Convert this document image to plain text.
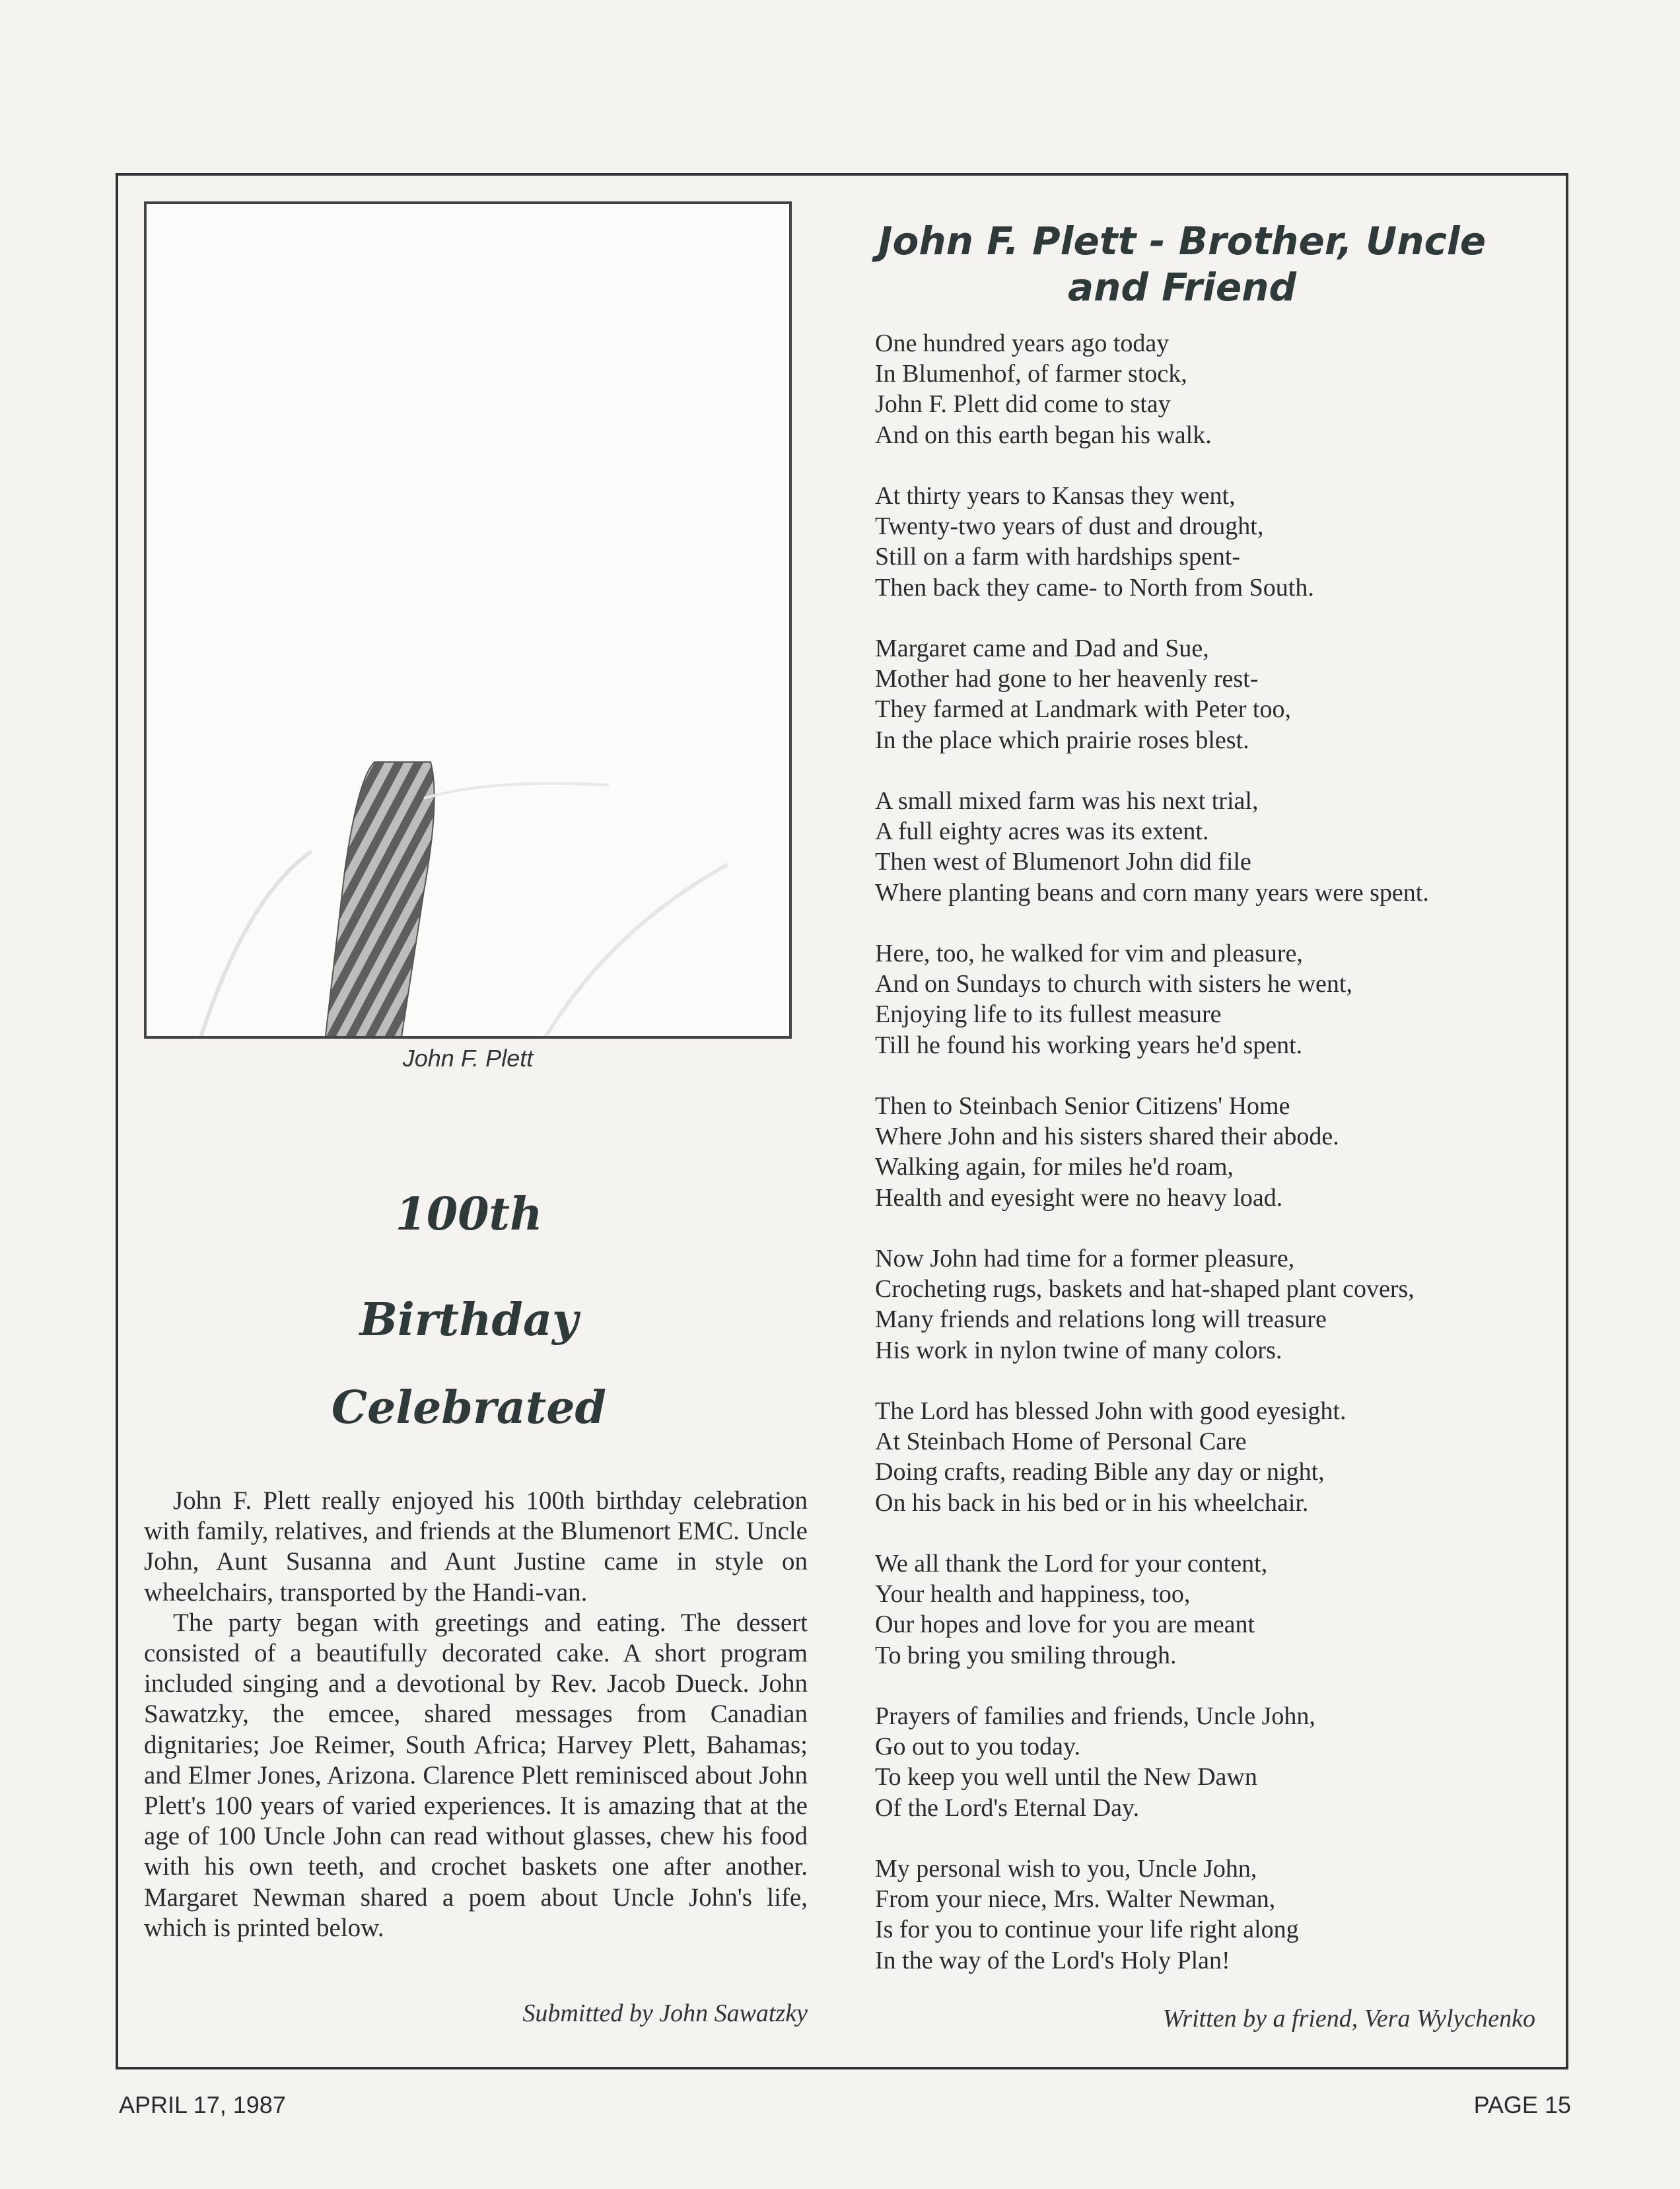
John F. Plett
100th
Birthday
Celebrated

John F. Plett really enjoyed his 100th birthday celebration with family, relatives, and friends at the Blumenort EMC. Uncle John, Aunt Susanna and Aunt Justine came in style on wheelchairs, transported by the Handi-van.

The party began with greetings and eating. The dessert consisted of a beautifully decorated cake. A short program included singing and a devotional by Rev. Jacob Dueck. John Sawatzky, the emcee, shared messages from Canadian dignitaries; Joe Reimer, South Africa; Harvey Plett, Bahamas; and Elmer Jones, Arizona. Clarence Plett reminisced about John Plett's 100 years of varied experiences. It is amazing that at the age of 100 Uncle John can read without glasses, chew his food with his own teeth, and crochet baskets one after another. Margaret Newman shared a poem about Uncle John's life, which is printed below.

Submitted by John Sawatzky
John F. Plett - Brother, Uncle
and Friend
One hundred years ago today
In Blumenhof, of farmer stock,
John F. Plett did come to stay
And on this earth began his walk.
At thirty years to Kansas they went,
Twenty-two years of dust and drought,
Still on a farm with hardships spent-
Then back they came- to North from South.
Margaret came and Dad and Sue,
Mother had gone to her heavenly rest-
They farmed at Landmark with Peter too,
In the place which prairie roses blest.
A small mixed farm was his next trial,
A full eighty acres was its extent.
Then west of Blumenort John did file
Where planting beans and corn many years were spent.
Here, too, he walked for vim and pleasure,
And on Sundays to church with sisters he went,
Enjoying life to its fullest measure
Till he found his working years he'd spent.
Then to Steinbach Senior Citizens' Home
Where John and his sisters shared their abode.
Walking again, for miles he'd roam,
Health and eyesight were no heavy load.
Now John had time for a former pleasure,
Crocheting rugs, baskets and hat-shaped plant covers,
Many friends and relations long will treasure
His work in nylon twine of many colors.
The Lord has blessed John with good eyesight.
At Steinbach Home of Personal Care
Doing crafts, reading Bible any day or night,
On his back in his bed or in his wheelchair.
We all thank the Lord for your content,
Your health and happiness, too,
Our hopes and love for you are meant
To bring you smiling through.
Prayers of families and friends, Uncle John,
Go out to you today.
To keep you well until the New Dawn
Of the Lord's Eternal Day.
My personal wish to you, Uncle John,
From your niece, Mrs. Walter Newman,
Is for you to continue your life right along
In the way of the Lord's Holy Plan!
Written by a friend, Vera Wylychenko
APRIL 17, 1987	PAGE 15
